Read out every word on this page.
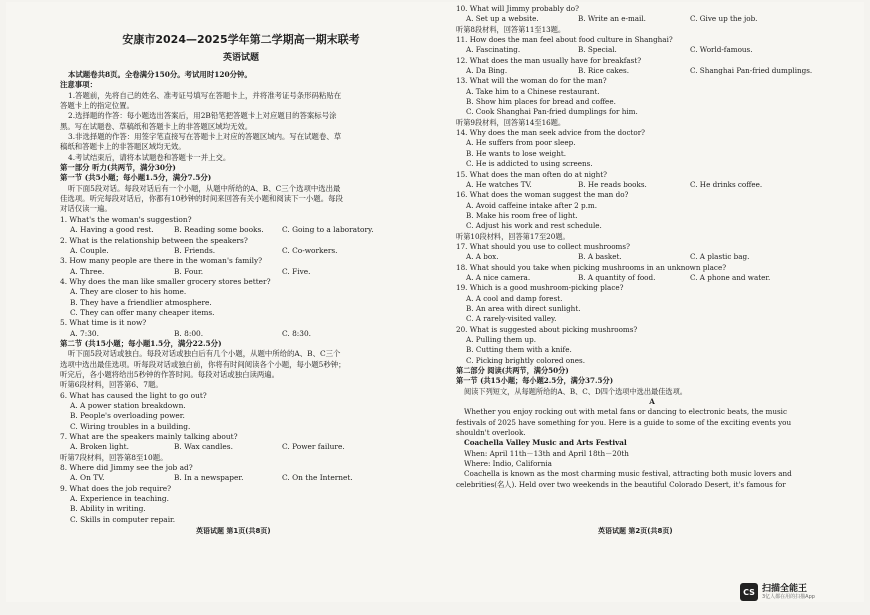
安康市2024—2025学年第二学期高一期末联考
英语试题
本试题卷共8页。全卷满分150分。考试用时120分钟。
注意事项：
1.答题前，先将自己的姓名、准考证号填写在答题卡上，并将准考证号条形码粘贴在
答题卡上的指定位置。
2.选择题的作答：每小题选出答案后，用2B铅笔把答题卡上对应题目的答案标号涂
黑。写在试题卷、草稿纸和答题卡上的非答题区域均无效。
3.非选择题的作答：用签字笔直接写在答题卡上对应的答题区域内。写在试题卷、草
稿纸和答题卡上的非答题区域均无效。
4.考试结束后，请将本试题卷和答题卡一并上交。
第一部分 听力(共两节，满分30分)
第一节 (共5小题；每小题1.5分，满分7.5分)
听下面5段对话。每段对话后有一个小题，从题中所给的A、B、C三个选项中选出最
佳选项。听完每段对话后，你都有10秒钟的时间来回答有关小题和阅读下一小题。每段
对话仅读一遍。
1. What's the woman's suggestion?
A. Having a good rest.	B. Reading some books.	C. Going to a laboratory.
2. What is the relationship between the speakers?
A. Couple.	B. Friends.	C. Co-workers.
3. How many people are there in the woman's family?
A. Three.	B. Four.	C. Five.
4. Why does the man like smaller grocery stores better?
A. They are closer to his home.
B. They have a friendlier atmosphere.
C. They can offer many cheaper items.
5. What time is it now?
A. 7:30.	B. 8:00.	C. 8:30.
第二节 (共15小题；每小题1.5分，满分22.5分)
听下面5段对话或独白。每段对话或独白后有几个小题，从题中所给的A、B、C三个
选项中选出最佳选项。听每段对话或独白前，你将有时间阅读各个小题，每小题5秒钟；
听完后，各小题将给出5秒钟的作答时间。每段对话或独白读两遍。
听第6段材料，回答第6、7题。
6. What has caused the light to go out?
A. A power station breakdown.
B. People's overloading power.
C. Wiring troubles in a building.
7. What are the speakers mainly talking about?
A. Broken light.	B. Wax candles.	C. Power failure.
听第7段材料，回答第8至10题。
8. Where did Jimmy see the job ad?
A. On TV.	B. In a newspaper.	C. On the Internet.
9. What does the job require?
A. Experience in teaching.
B. Ability in writing.
C. Skills in computer repair.
10. What will Jimmy probably do?
A. Set up a website.	B. Write an e-mail.	C. Give up the job.
听第8段材料，回答第11至13题。
11. How does the man feel about food culture in Shanghai?
A. Fascinating.	B. Special.	C. World-famous.
12. What does the man usually have for breakfast?
A. Da Bing.	B. Rice cakes.	C. Shanghai Pan-fried dumplings.
13. What will the woman do for the man?
A. Take him to a Chinese restaurant.
B. Show him places for bread and coffee.
C. Cook Shanghai Pan-fried dumplings for him.
听第9段材料，回答第14至16题。
14. Why does the man seek advice from the doctor?
A. He suffers from poor sleep.
B. He wants to lose weight.
C. He is addicted to using screens.
15. What does the man often do at night?
A. He watches TV.	B. He reads books.	C. He drinks coffee.
16. What does the woman suggest the man do?
A. Avoid caffeine intake after 2 p.m.
B. Make his room free of light.
C. Adjust his work and rest schedule.
听第10段材料，回答第17至20题。
17. What should you use to collect mushrooms?
A. A box.	B. A basket.	C. A plastic bag.
18. What should you take when picking mushrooms in an unknown place?
A. A nice camera.	B. A quantity of food.	C. A phone and water.
19. Which is a good mushroom-picking place?
A. A cool and damp forest.
B. An area with direct sunlight.
C. A rarely-visited valley.
20. What is suggested about picking mushrooms?
A. Pulling them up.
B. Cutting them with a knife.
C. Picking brightly colored ones.
第二部分 阅读(共两节，满分50分)
第一节 (共15小题；每小题2.5分，满分37.5分)
阅读下列短文，从每题所给的A、B、C、D四个选项中选出最佳选项。
A
Whether you enjoy rocking out with metal fans or dancing to electronic beats, the music
festivals of 2025 have something for you. Here is a guide to some of the exciting events you
shouldn't overlook.
Coachella Valley Music and Arts Festival
When: April 11th－13th and April 18th－20th
Where: Indio, California
Coachella is known as the most charming music festival, attracting both music lovers and
celebrities(名人). Held over two weekends in the beautiful Colorado Desert, it's famous for
英语试题 第1页(共8页)	英语试题 第2页(共8页)
CS 扫描全能王
3亿人都在用的扫描App
